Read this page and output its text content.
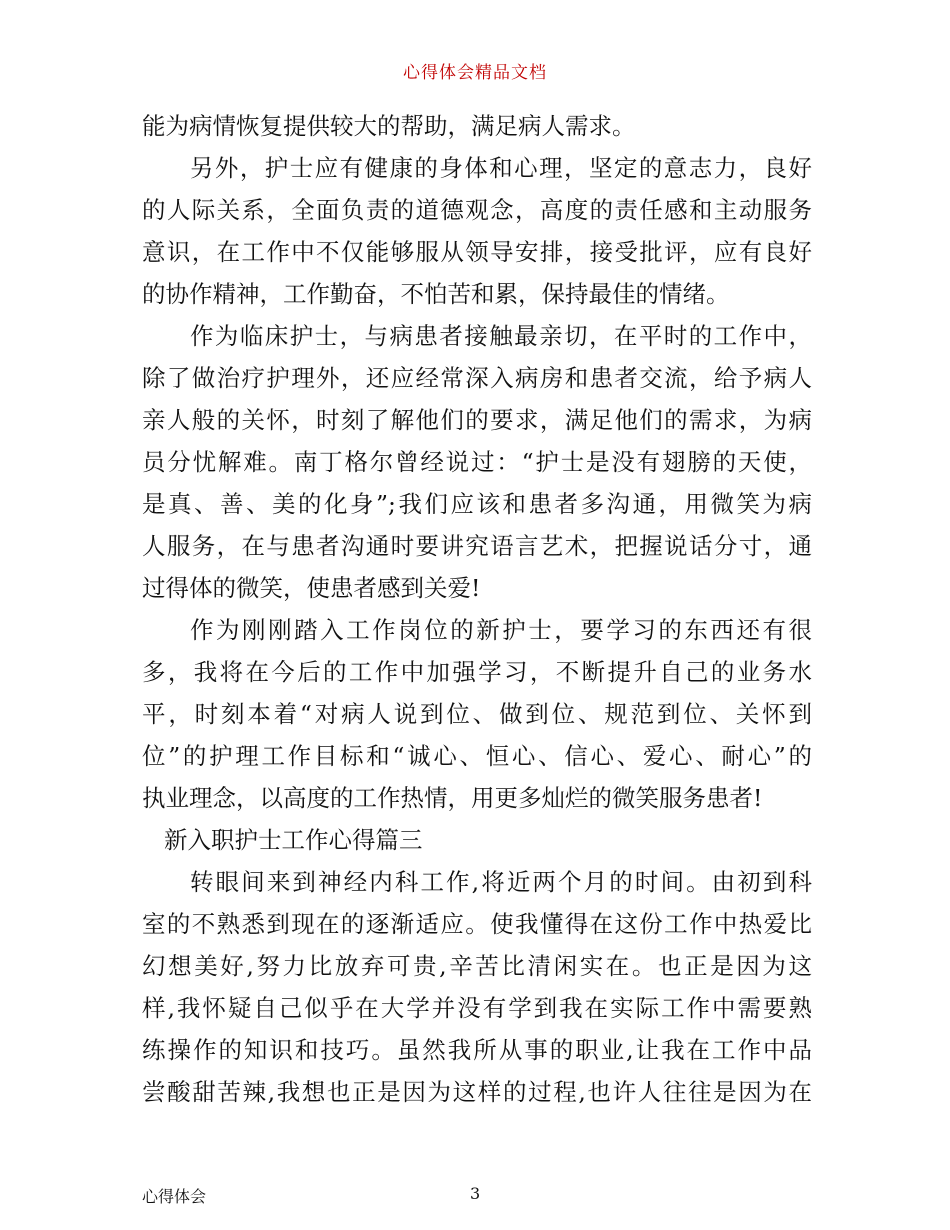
心得体会精品文档
能为病情恢复提供较大的帮助，满足病人需求。
另外，护士应有健康的身体和心理，坚定的意志力，良好
的人际关系，全面负责的道德观念，高度的责任感和主动服务
意识，在工作中不仅能够服从领导安排，接受批评，应有良好
的协作精神，工作勤奋，不怕苦和累，保持最佳的情绪。
作为临床护士，与病患者接触最亲切，在平时的工作中，
除了做治疗护理外，还应经常深入病房和患者交流，给予病人
亲人般的关怀，时刻了解他们的要求，满足他们的需求，为病
员分忧解难。南丁格尔曾经说过：“护士是没有翅膀的天使，
是真、善、美的化身”;我们应该和患者多沟通，用微笑为病
人服务，在与患者沟通时要讲究语言艺术，把握说话分寸，通
过得体的微笑，使患者感到关爱!
作为刚刚踏入工作岗位的新护士，要学习的东西还有很
多，我将在今后的工作中加强学习，不断提升自己的业务水
平，时刻本着“对病人说到位、做到位、规范到位、关怀到
位”的护理工作目标和“诚心、恒心、信心、爱心、耐心”的
执业理念，以高度的工作热情，用更多灿烂的微笑服务患者!
新入职护士工作心得篇三
转眼间来到神经内科工作,将近两个月的时间。由初到科
室的不熟悉到现在的逐渐适应。使我懂得在这份工作中热爱比
幻想美好,努力比放弃可贵,辛苦比清闲实在。也正是因为这
样,我怀疑自己似乎在大学并没有学到我在实际工作中需要熟
练操作的知识和技巧。虽然我所从事的职业,让我在工作中品
尝酸甜苦辣,我想也正是因为这样的过程,也许人往往是因为在
心得体会	3
